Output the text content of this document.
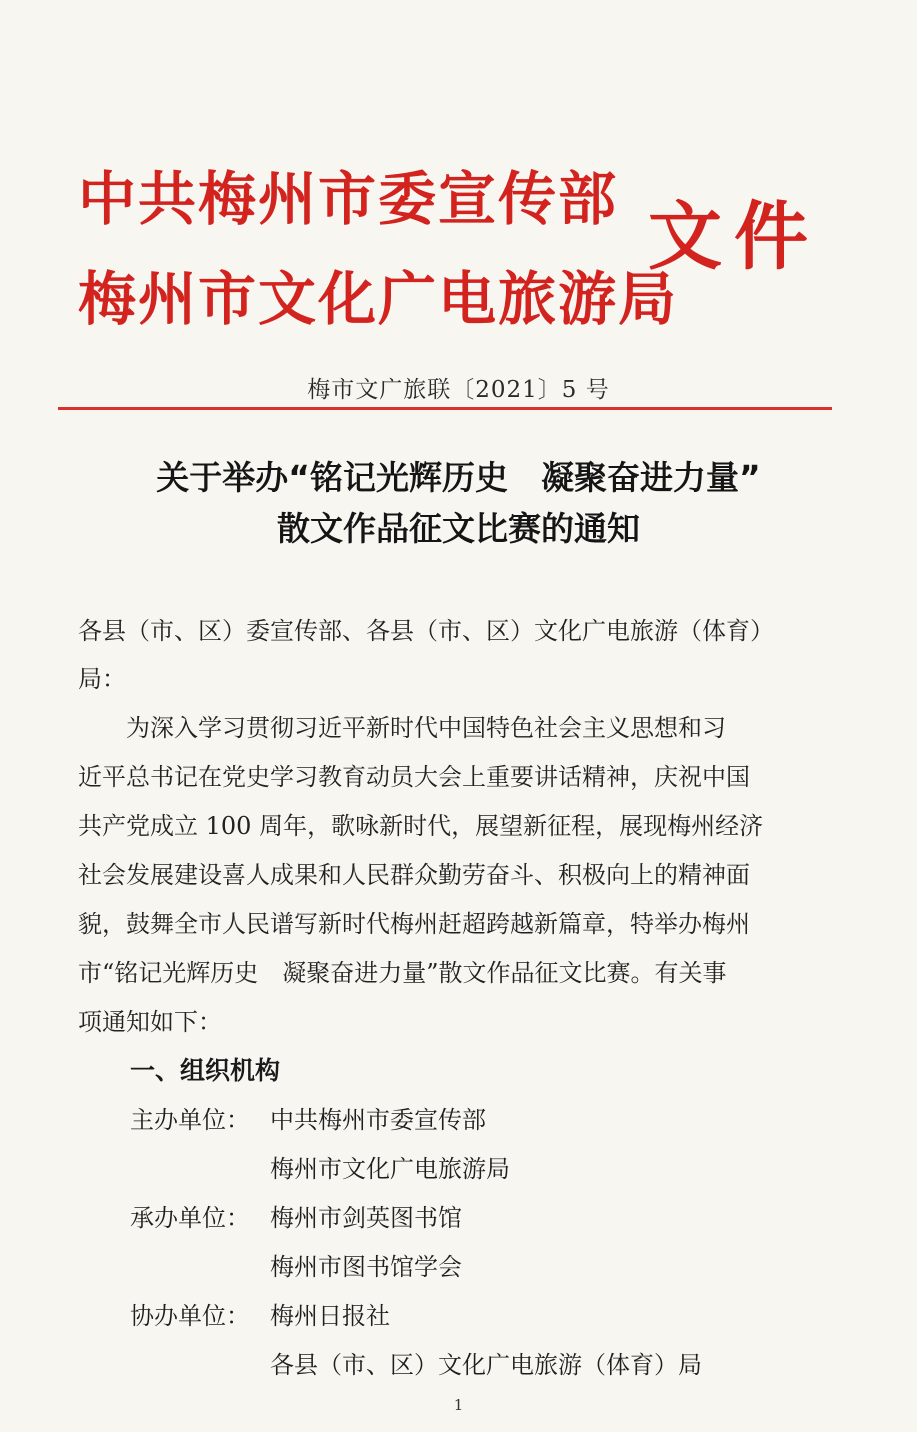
中共梅州市委宣传部
梅州市文化广电旅游局
文件
梅市文广旅联〔2021〕5 号
关于举办“铭记光辉历史　凝聚奋进力量”
散文作品征文比赛的通知
各县（市、区）委宣传部、各县（市、区）文化广电旅游（体育）
局：
　　为深入学习贯彻习近平新时代中国特色社会主义思想和习
近平总书记在党史学习教育动员大会上重要讲话精神，庆祝中国
共产党成立 100 周年，歌咏新时代，展望新征程，展现梅州经济
社会发展建设喜人成果和人民群众勤劳奋斗、积极向上的精神面
貌，鼓舞全市人民谱写新时代梅州赶超跨越新篇章，特举办梅州
市“铭记光辉历史　凝聚奋进力量”散文作品征文比赛。有关事
项通知如下：
一、组织机构
主办单位： 中共梅州市委宣传部
梅州市文化广电旅游局
承办单位： 梅州市剑英图书馆
梅州市图书馆学会
协办单位： 梅州日报社
各县（市、区）文化广电旅游（体育）局
1
